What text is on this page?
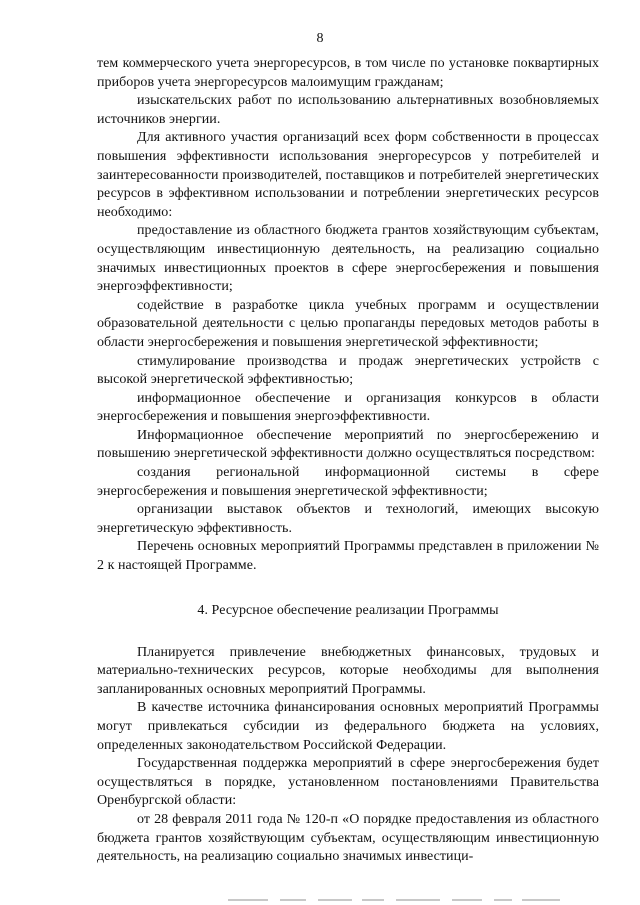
8

тем коммерческого учета энергоресурсов, в том числе по установке поквартирных приборов учета энергоресурсов малоимущим гражданам;

изыскательских работ по использованию альтернативных возобновляемых источников энергии.

Для активного участия организаций всех форм собственности в процессах повышения эффективности использования энергоресурсов у потребителей и заинтересованности производителей, поставщиков и потребителей энергетических ресурсов в эффективном использовании и потреблении энергетических ресурсов необходимо:

предоставление из областного бюджета грантов хозяйствующим субъектам, осуществляющим инвестиционную деятельность, на реализацию социально значимых инвестиционных проектов в сфере энергосбережения и повышения энергоэффективности;

содействие в разработке цикла учебных программ и осуществлении образовательной деятельности с целью пропаганды передовых методов работы в области энергосбережения и повышения энергетической эффективности;

стимулирование производства и продаж энергетических устройств с высокой энергетической эффективностью;

информационное обеспечение и организация конкурсов в области энергосбережения и повышения энергоэффективности.

Информационное обеспечение мероприятий по энергосбережению и повышению энергетической эффективности должно осуществляться посредством:

создания региональной информационной системы в сфере энергосбережения и повышения энергетической эффективности;

организации выставок объектов и технологий, имеющих высокую энергетическую эффективность.

Перечень основных мероприятий Программы представлен в приложении № 2 к настоящей Программе.

4. Ресурсное обеспечение реализации Программы

Планируется привлечение внебюджетных финансовых, трудовых и материально-технических ресурсов, которые необходимы для выполнения запланированных основных мероприятий Программы.

В качестве источника финансирования основных мероприятий Программы могут привлекаться субсидии из федерального бюджета на условиях, определенных законодательством Российской Федерации.

Государственная поддержка мероприятий в сфере энергосбережения будет осуществляться в порядке, установленном постановлениями Правительства Оренбургской области:

от 28 февраля 2011 года № 120-п «О порядке предоставления из областного бюджета грантов хозяйствующим субъектам, осуществляющим инвестиционную деятельность, на реализацию социально значимых инвестици-
